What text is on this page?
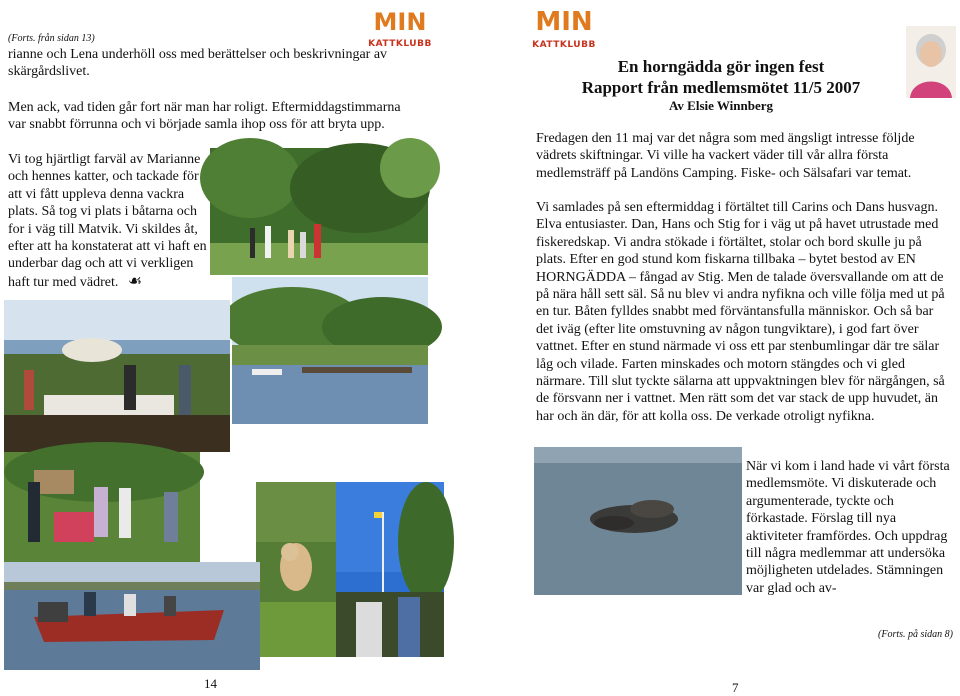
(Forts. från sidan 13)
MIN
KATTKLUBB

rianne och Lena underhöll oss med berättelser och beskrivningar av skärgårdslivet.

Men ack, vad tiden går fort när man har roligt. Eftermiddagstimmarna var snabbt förrunna och vi började samla ihop oss för att bryta upp.

Vi tog hjärtligt farväl av Marianne och hennes katter, och tackade för att vi fått uppleva denna vackra plats. Så tog vi plats i båtarna och for i väg till Matvik. Vi skildes åt, efter att ha konstaterat att vi haft en underbar dag och att vi verkligen haft tur med vädret. ☙
14
MIN
KATTKLUBB
En horngädda gör ingen fest
Rapport från medlemsmötet 11/5 2007
Av Elsie Winnberg

Fredagen den 11 maj var det några som med ängsligt intresse följde vädrets skiftningar. Vi ville ha vackert väder till vår allra första medlemsträff på Landöns Camping. Fiske- och Sälsafari var temat.

Vi samlades på sen eftermiddag i förtältet till Carins och Dans husvagn. Elva entusiaster. Dan, Hans och Stig for i väg ut på havet utrustade med fiskeredskap. Vi andra stökade i förtältet, stolar och bord skulle ju på plats. Efter en god stund kom fiskarna tillbaka – bytet bestod av EN HORNGÄDDA – fångad av Stig. Men de talade översvallande om att de på nära håll sett säl. Så nu blev vi andra nyfikna och ville följa med ut på en tur. Båten fylldes snabbt med förväntansfulla människor. Och så bar det iväg (efter lite omstuvning av någon tungviktare), i god fart över vattnet. Efter en stund närmade vi oss ett par stenbumlingar där tre sälar låg och vilade. Farten minskades och motorn stängdes och vi gled närmare. Till slut tyckte sälarna att uppvaktningen blev för närgången, så de försvann ner i vattnet. Men rätt som det var stack de upp huvudet, än har och än där, för att kolla oss. De verkade otroligt nyfikna.

När vi kom i land hade vi vårt första medlemsmöte. Vi diskuterade och argumenterade, tyckte och förkastade. Förslag till nya aktiviteter framfördes. Och uppdrag till några medlemmar att undersöka möjligheten utdelades. Stämningen var glad och av-

(Forts. på sidan 8)
7
